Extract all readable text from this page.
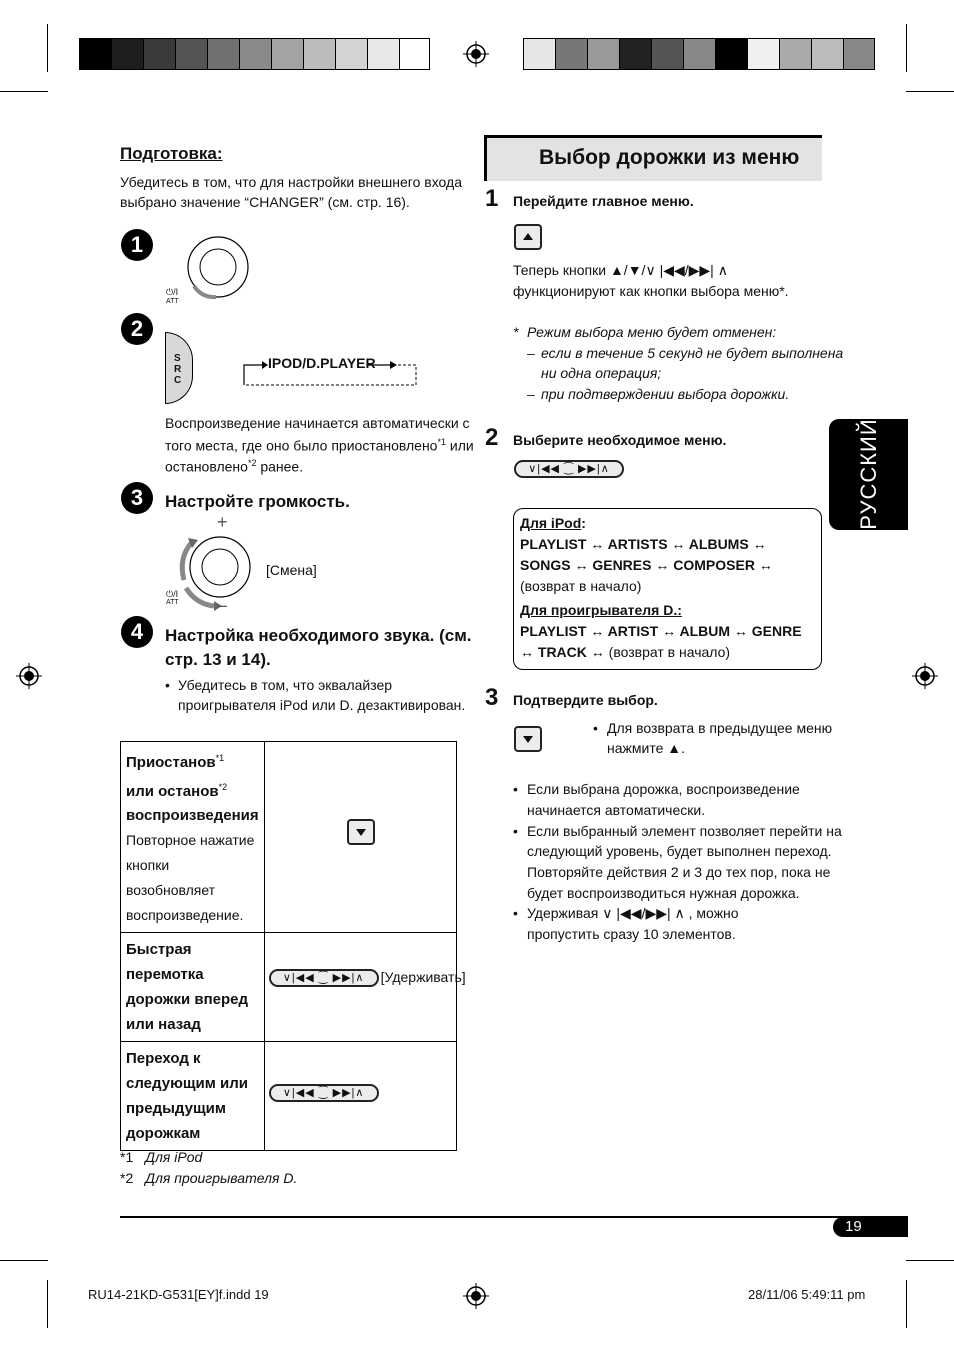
Подготовка:
Убедитесь в том, что для настройки внешнего входа
выбрано значение “CHANGER” (см. стр. 16).
1
⏻/I
ATT
2
SRC
IPOD/D.PLAYER
Воспроизведение начинается автоматически с
того места, где оно было приостановлено$^{*1}$ или
остановлено$^{*2}$ ранее.
3	Настройте громкость.
+
–
⏻/I
ATT
[Смена]
4	Настройка необходимого звука. (см.
стр. 13 и 14).
• Убедитесь в том, что эквалайзер
проигрывателя iPod или D. дезактивирован.
Приостанов$^{*1}$
или останов$^{*2}$
воспроизведения
Повторное нажатие кнопки возобновляет воспроизведение.	

Быстрая перемотка дорожки вперед или назад	∨|◀◀ ⁐ ▶▶|∧ [Удерживать]

Переход к следующим или предыдущим дорожкам	∨|◀◀ ⁐ ▶▶|∧
*1 Для iPod
*2 Для проигрывателя D.
Выбор дорожки из меню
1 Перейдите главное меню.
Теперь кнопки ▲/▼/∨ |◀◀/▶▶| ∧
функционируют как кнопки выбора меню*.
* Режим выбора меню будет отменен:
– если в течение 5 секунд не будет выполнена
ни одна операция;
– при подтверждении выбора дорожки.
2 Выберите необходимое меню.
∨|◀◀ ⁐ ▶▶|∧
Для iPod:
PLAYLIST ↔ ARTISTS ↔ ALBUMS ↔
SONGS ↔ GENRES ↔ COMPOSER ↔
(возврат в начало)
Для проигрывателя D.:
PLAYLIST ↔ ARTIST ↔ ALBUM ↔ GENRE
↔ TRACK ↔ (возврат в начало)
3 Подтвердите выбор.
• Для возврата в предыдущее меню
нажмите ▲.
• Если выбрана дорожка, воспроизведение
начинается автоматически.
• Если выбранный элемент позволяет перейти на
следующий уровень, будет выполнен переход.
Повторяйте действия 2 и 3 до тех пор, пока не
будет воспроизводиться нужная дорожка.
• Удерживая ∨ |◀◀/▶▶| ∧ , можно
пропустить сразу 10 элементов.
РУССКИЙ
19
RU14-21KD-G531[EY]f.indd 19	28/11/06 5:49:11 pm
